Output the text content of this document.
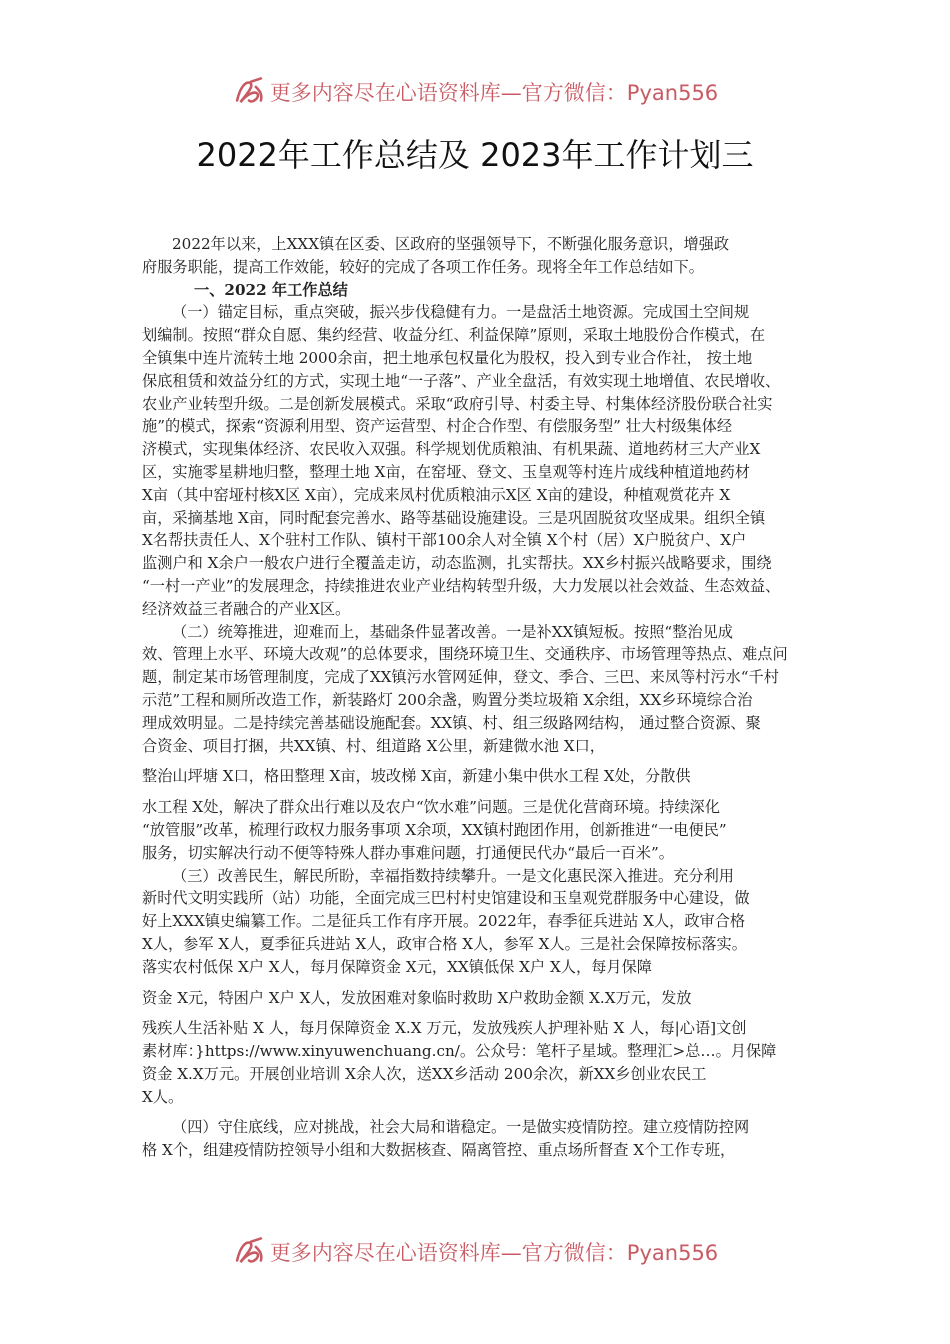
更多内容尽在心语资料库—官方微信：Pyan556
2022年工作总结及 2023年工作计划三
2022年以来，上XXX镇在区委、区政府的坚强领导下，不断强化服务意识，增强政
府服务职能，提高工作效能，较好的完成了各项工作任务。现将全年工作总结如下。
一、2022 年工作总结
（一）锚定目标，重点突破，振兴步伐稳健有力。一是盘活土地资源。完成国土空间规
划编制。按照“群众自愿、集约经营、收益分红、利益保障”原则，采取土地股份合作模式，在
全镇集中连片流转土地 2000余亩，把土地承包权量化为股权，投入到专业合作社， 按土地
保底租赁和效益分红的方式，实现土地“一子落”、产业全盘活，有效实现土地增值、农民增收、
农业产业转型升级。二是创新发展模式。采取“政府引导、村委主导、村集体经济股份联合社实
施”的模式，探索“资源利用型、资产运营型、村企合作型、有偿服务型” 壮大村级集体经
济模式，实现集体经济、农民收入双强。科学规划优质粮油、有机果蔬、道地药材三大产业X
区，实施零星耕地归整，整理土地 X亩，在窑垭、登文、玉皇观等村连片成线种植道地药材
X亩（其中窑垭村核X区 X亩），完成来凤村优质粮油示X区 X亩的建设，种植观赏花卉 X
亩，采摘基地 X亩，同时配套完善水、路等基础设施建设。三是巩固脱贫攻坚成果。组织全镇
X名帮扶责任人、X个驻村工作队、镇村干部100余人对全镇 X个村（居）X户脱贫户、X户
监测户和 X余户一般农户进行全覆盖走访，动态监测，扎实帮扶。XX乡村振兴战略要求，围绕
“一村一产业”的发展理念，持续推进农业产业结构转型升级，大力发展以社会效益、生态效益、
经济效益三者融合的产业X区。
（二）统筹推进，迎难而上，基础条件显著改善。一是补XX镇短板。按照“整治见成
效、管理上水平、环境大改观”的总体要求，围绕环境卫生、交通秩序、市场管理等热点、难点问
题，制定某市场管理制度，完成了XX镇污水管网延伸，登文、季合、三巴、来凤等村污水“千村
示范”工程和厕所改造工作，新装路灯 200余盏，购置分类垃圾箱 X余组，XX乡环境综合治
理成效明显。二是持续完善基础设施配套。XX镇、村、组三级路网结构， 通过整合资源、聚
合资金、项目打捆，共XX镇、村、组道路 X公里，新建微水池 X口，
整治山坪塘 X口，格田整理 X亩，坡改梯 X亩，新建小集中供水工程 X处，分散供
水工程 X处，解决了群众出行难以及农户“饮水难”问题。三是优化营商环境。持续深化
“放管服”改革，梳理行政权力服务事项 X余项，XX镇村跑团作用，创新推进“一电便民”
服务，切实解决行动不便等特殊人群办事难问题，打通便民代办“最后一百米”。
（三）改善民生，解民所盼，幸福指数持续攀升。一是文化惠民深入推进。充分利用
新时代文明实践所（站）功能，全面完成三巴村村史馆建设和玉皇观党群服务中心建设，做
好上XXX镇史编纂工作。二是征兵工作有序开展。2022年，春季征兵进站 X人，政审合格
X人，参军 X人，夏季征兵进站 X人，政审合格 X人，参军 X人。三是社会保障按标落实。
落实农村低保 X户 X人，每月保障资金 X元，XX镇低保 X户 X人，每月保障
资金 X元，特困户 X户 X人，发放困难对象临时救助 X户救助金额 X.X万元，发放
残疾人生活补贴 X 人，每月保障资金 X.X 万元，发放残疾人护理补贴 X 人，每|心语]文创
素材库：}https://www.xinyuwenchuang.cn/。公众号：笔杆子星域。整理汇>总…。月保障
资金 X.X万元。开展创业培训 X余人次，送XX乡活动 200余次，新XX乡创业农民工
X人。
（四）守住底线，应对挑战，社会大局和谐稳定。一是做实疫情防控。建立疫情防控网
格 X个，组建疫情防控领导小组和大数据核查、隔离管控、重点场所督查 X个工作专班，
更多内容尽在心语资料库—官方微信：Pyan556
